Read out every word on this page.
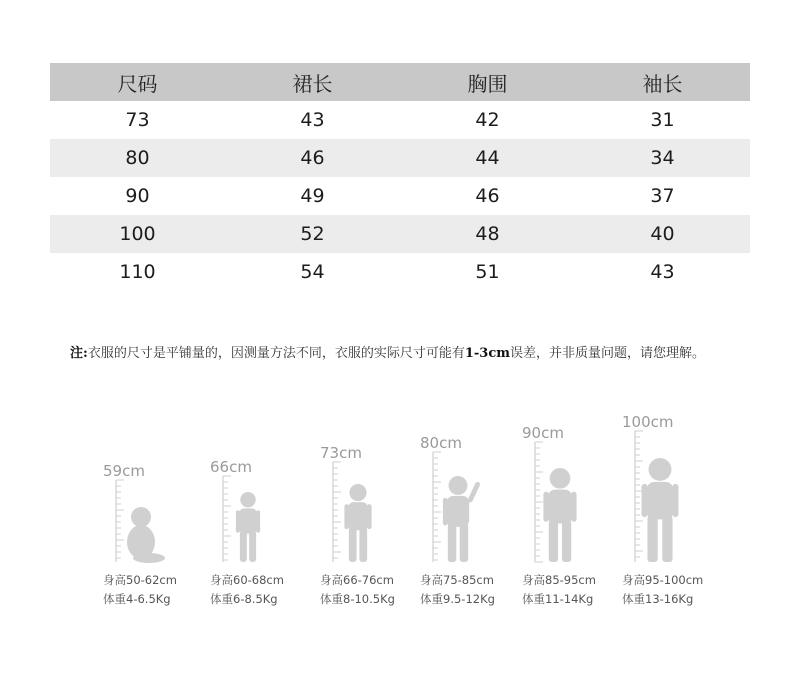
尺码	裙长	胸围	袖长
73	43	42	31
80	46	44	34
90	49	46	37
100	52	48	40
110	54	51	43
注:衣服的尺寸是平铺量的，因测量方法不同，衣服的实际尺寸可能有1-3cm误差，并非质量问题，请您理解。
59cm
身高50-62cm
体重4-6.5Kg
66cm
身高60-68cm
体重6-8.5Kg
73cm
身高66-76cm
体重8-10.5Kg
80cm
身高75-85cm
体重9.5-12Kg
90cm
身高85-95cm
体重11-14Kg
100cm
身高95-100cm
体重13-16Kg
